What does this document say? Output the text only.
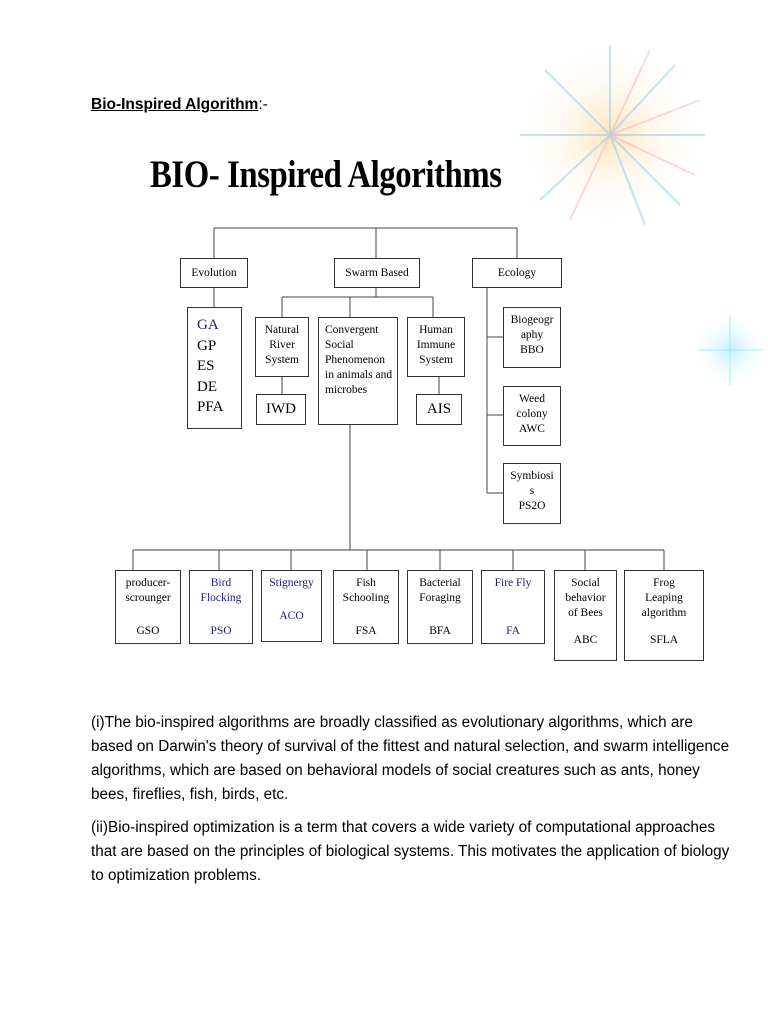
Bio-Inspired Algorithm:-
BIO- Inspired Algorithms
Evolution	Swarm Based	Ecology
GA
GP
ES
DE
PFA
Natural
River
System
Convergent
Social
Phenomenon
in animals and
microbes
Human
Immune
System
IWD	AIS
Biogeogr
aphy
BBO
Weed
colony
AWC
Symbiosi
s
PS2O
producer-
scrounger
GSO
Bird
Flocking
PSO
Stignergy
ACO
Fish
Schooling
FSA
Bacterial
Foraging
BFA
Fire Fly
FA
Social
behavior
of Bees
ABC
Frog
Leaping
algorithm
SFLA

(i)The bio-inspired algorithms are broadly classified as evolutionary algorithms, which are based on Darwin's theory of survival of the fittest and natural selection, and swarm intelligence algorithms, which are based on behavioral models of social creatures such as ants, honey bees, fireflies, fish, birds, etc.

(ii)Bio-inspired optimization is a term that covers a wide variety of computational approaches that are based on the principles of biological systems. This motivates the application of biology to optimization problems.
